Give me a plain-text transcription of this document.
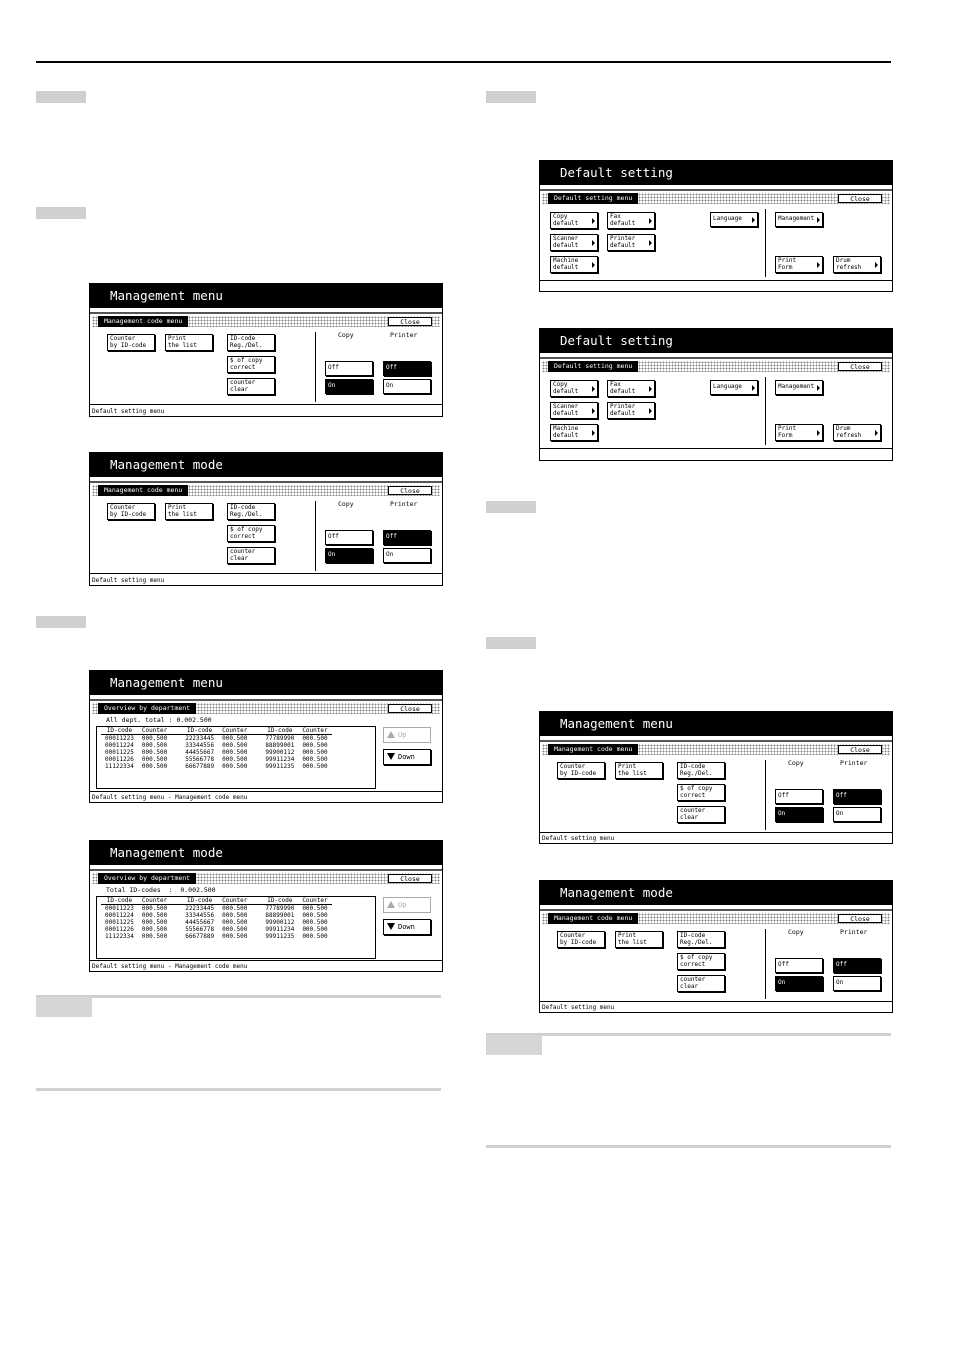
Management menu
Management code menu	Close
Counter
by ID-code
Print
the list
ID-code
Reg./Del.
$ of copy
correct
counter
clear
Copy	Printer
Off
On
Off
On
Default setting menu
Management mode
Management code menu	Close
Counter
by ID-code
Print
the list
ID-code
Reg./Del.
$ of copy
correct
counter
clear
Copy	Printer
Off
On
Off
On
Default setting menu
Management menu
Overview by department	Close
All dept. total : 0.002.500
ID-code	Counter	ID-code	Counter	ID-code	Counter
00011223	000.500	22233445	000.500	77789990	000.500
00011224	000.500	33344556	000.500	88899001	000.500
00011225	000.500	44455667	000.500	99900112	000.500
00011226	000.500	55566778	000.500	99911234	000.500
11122334	000.500	66677889	000.500	99911235	000.500
Up
Down
Default setting menu - Management code menu
Management mode
Overview by department	Close
Total ID-codes  :  0.002.500
ID-code	Counter	ID-code	Counter	ID-code	Counter
00011223	000.500	22233445	000.500	77789990	000.500
00011224	000.500	33344556	000.500	88899001	000.500
00011225	000.500	44455667	000.500	99900112	000.500
00011226	000.500	55566778	000.500	99911234	000.500
11122334	000.500	66677889	000.500	99911235	000.500
Up
Down
Default setting menu - Management code menu
Default setting
Default setting menu	Close
Copy
default
Fax
default
Language	Management
Scanner
default
Printer
default
Machine
default
Print
Form
Drum
refresh
Default setting
Default setting menu	Close
Copy
default
Fax
default
Language	Management
Scanner
default
Printer
default
Machine
default
Print
Form
Drum
refresh
Management menu
Management code menu	Close
Counter
by ID-code
Print
the list
ID-code
Reg./Del.
$ of copy
correct
counter
clear
Copy	Printer
Off
On
Off
On
Default setting menu
Management mode
Management code menu	Close
Counter
by ID-code
Print
the list
ID-code
Reg./Del.
$ of copy
correct
counter
clear
Copy	Printer
Off
On
Off
On
Default setting menu
